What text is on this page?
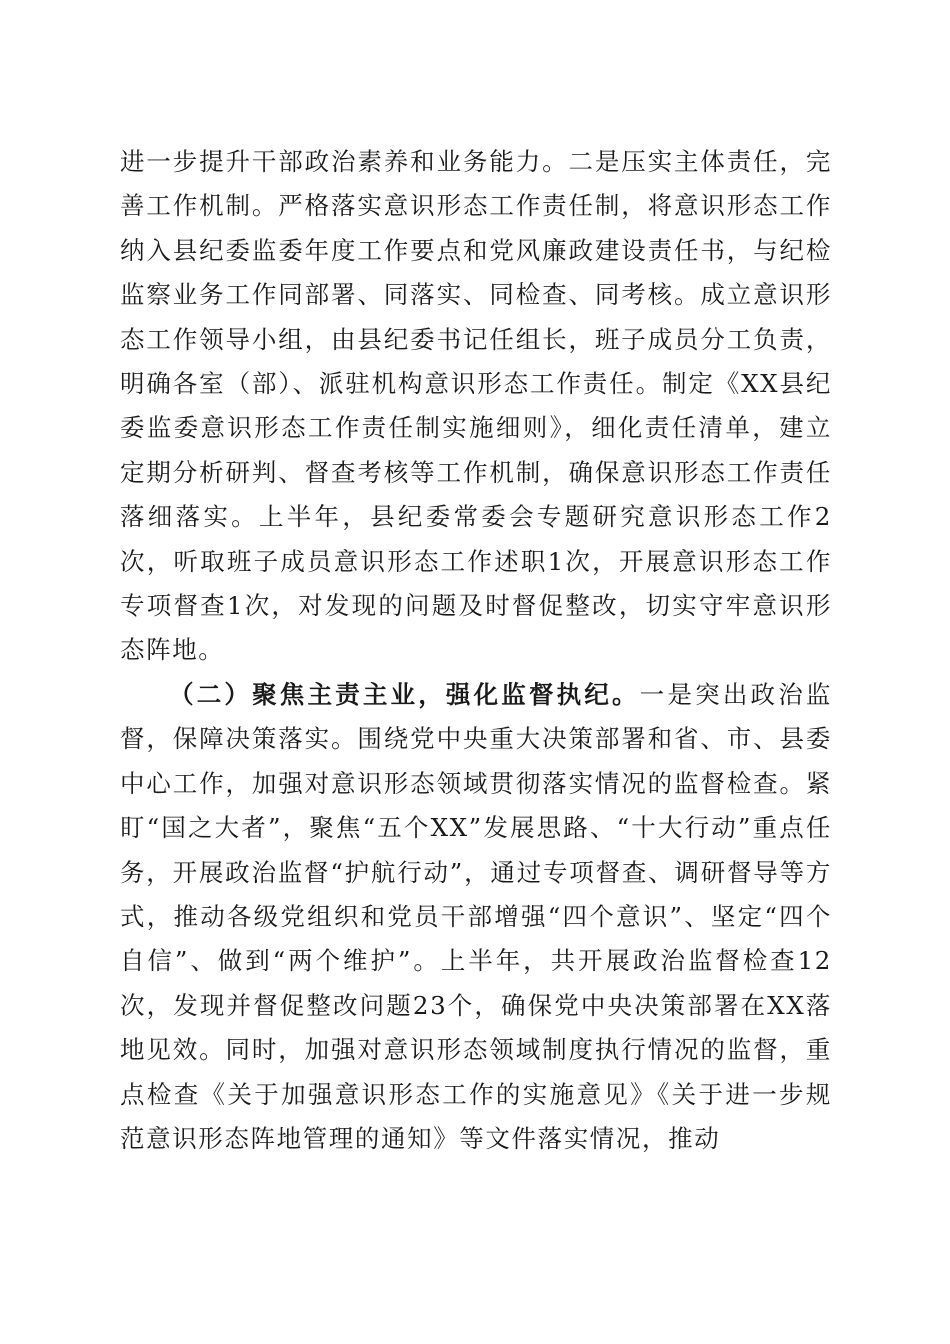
进一步提升干部政治素养和业务能力。二是压实主体责任，完善工作机制。严格落实意识形态工作责任制，将意识形态工作纳入县纪委监委年度工作要点和党风廉政建设责任书，与纪检监察业务工作同部署、同落实、同检查、同考核。成立意识形态工作领导小组，由县纪委书记任组长，班子成员分工负责，明确各室（部）、派驻机构意识形态工作责任。制定《XX县纪委监委意识形态工作责任制实施细则》，细化责任清单，建立定期分析研判、督查考核等工作机制，确保意识形态工作责任落细落实。上半年，县纪委常委会专题研究意识形态工作2次，听取班子成员意识形态工作述职1次，开展意识形态工作专项督查1次，对发现的问题及时督促整改，切实守牢意识形态阵地。

（二）聚焦主责主业，强化监督执纪。一是突出政治监督，保障决策落实。围绕党中央重大决策部署和省、市、县委中心工作，加强对意识形态领域贯彻落实情况的监督检查。紧盯“国之大者”，聚焦“五个XX”发展思路、“十大行动”重点任务，开展政治监督“护航行动”，通过专项督查、调研督导等方式，推动各级党组织和党员干部增强“四个意识”、坚定“四个自信”、做到“两个维护”。上半年，共开展政治监督检查12次，发现并督促整改问题23个，确保党中央决策部署在XX落地见效。同时，加强对意识形态领域制度执行情况的监督，重点检查《关于加强意识形态工作的实施意见》《关于进一步规范意识形态阵地管理的通知》等文件落实情况，推动
